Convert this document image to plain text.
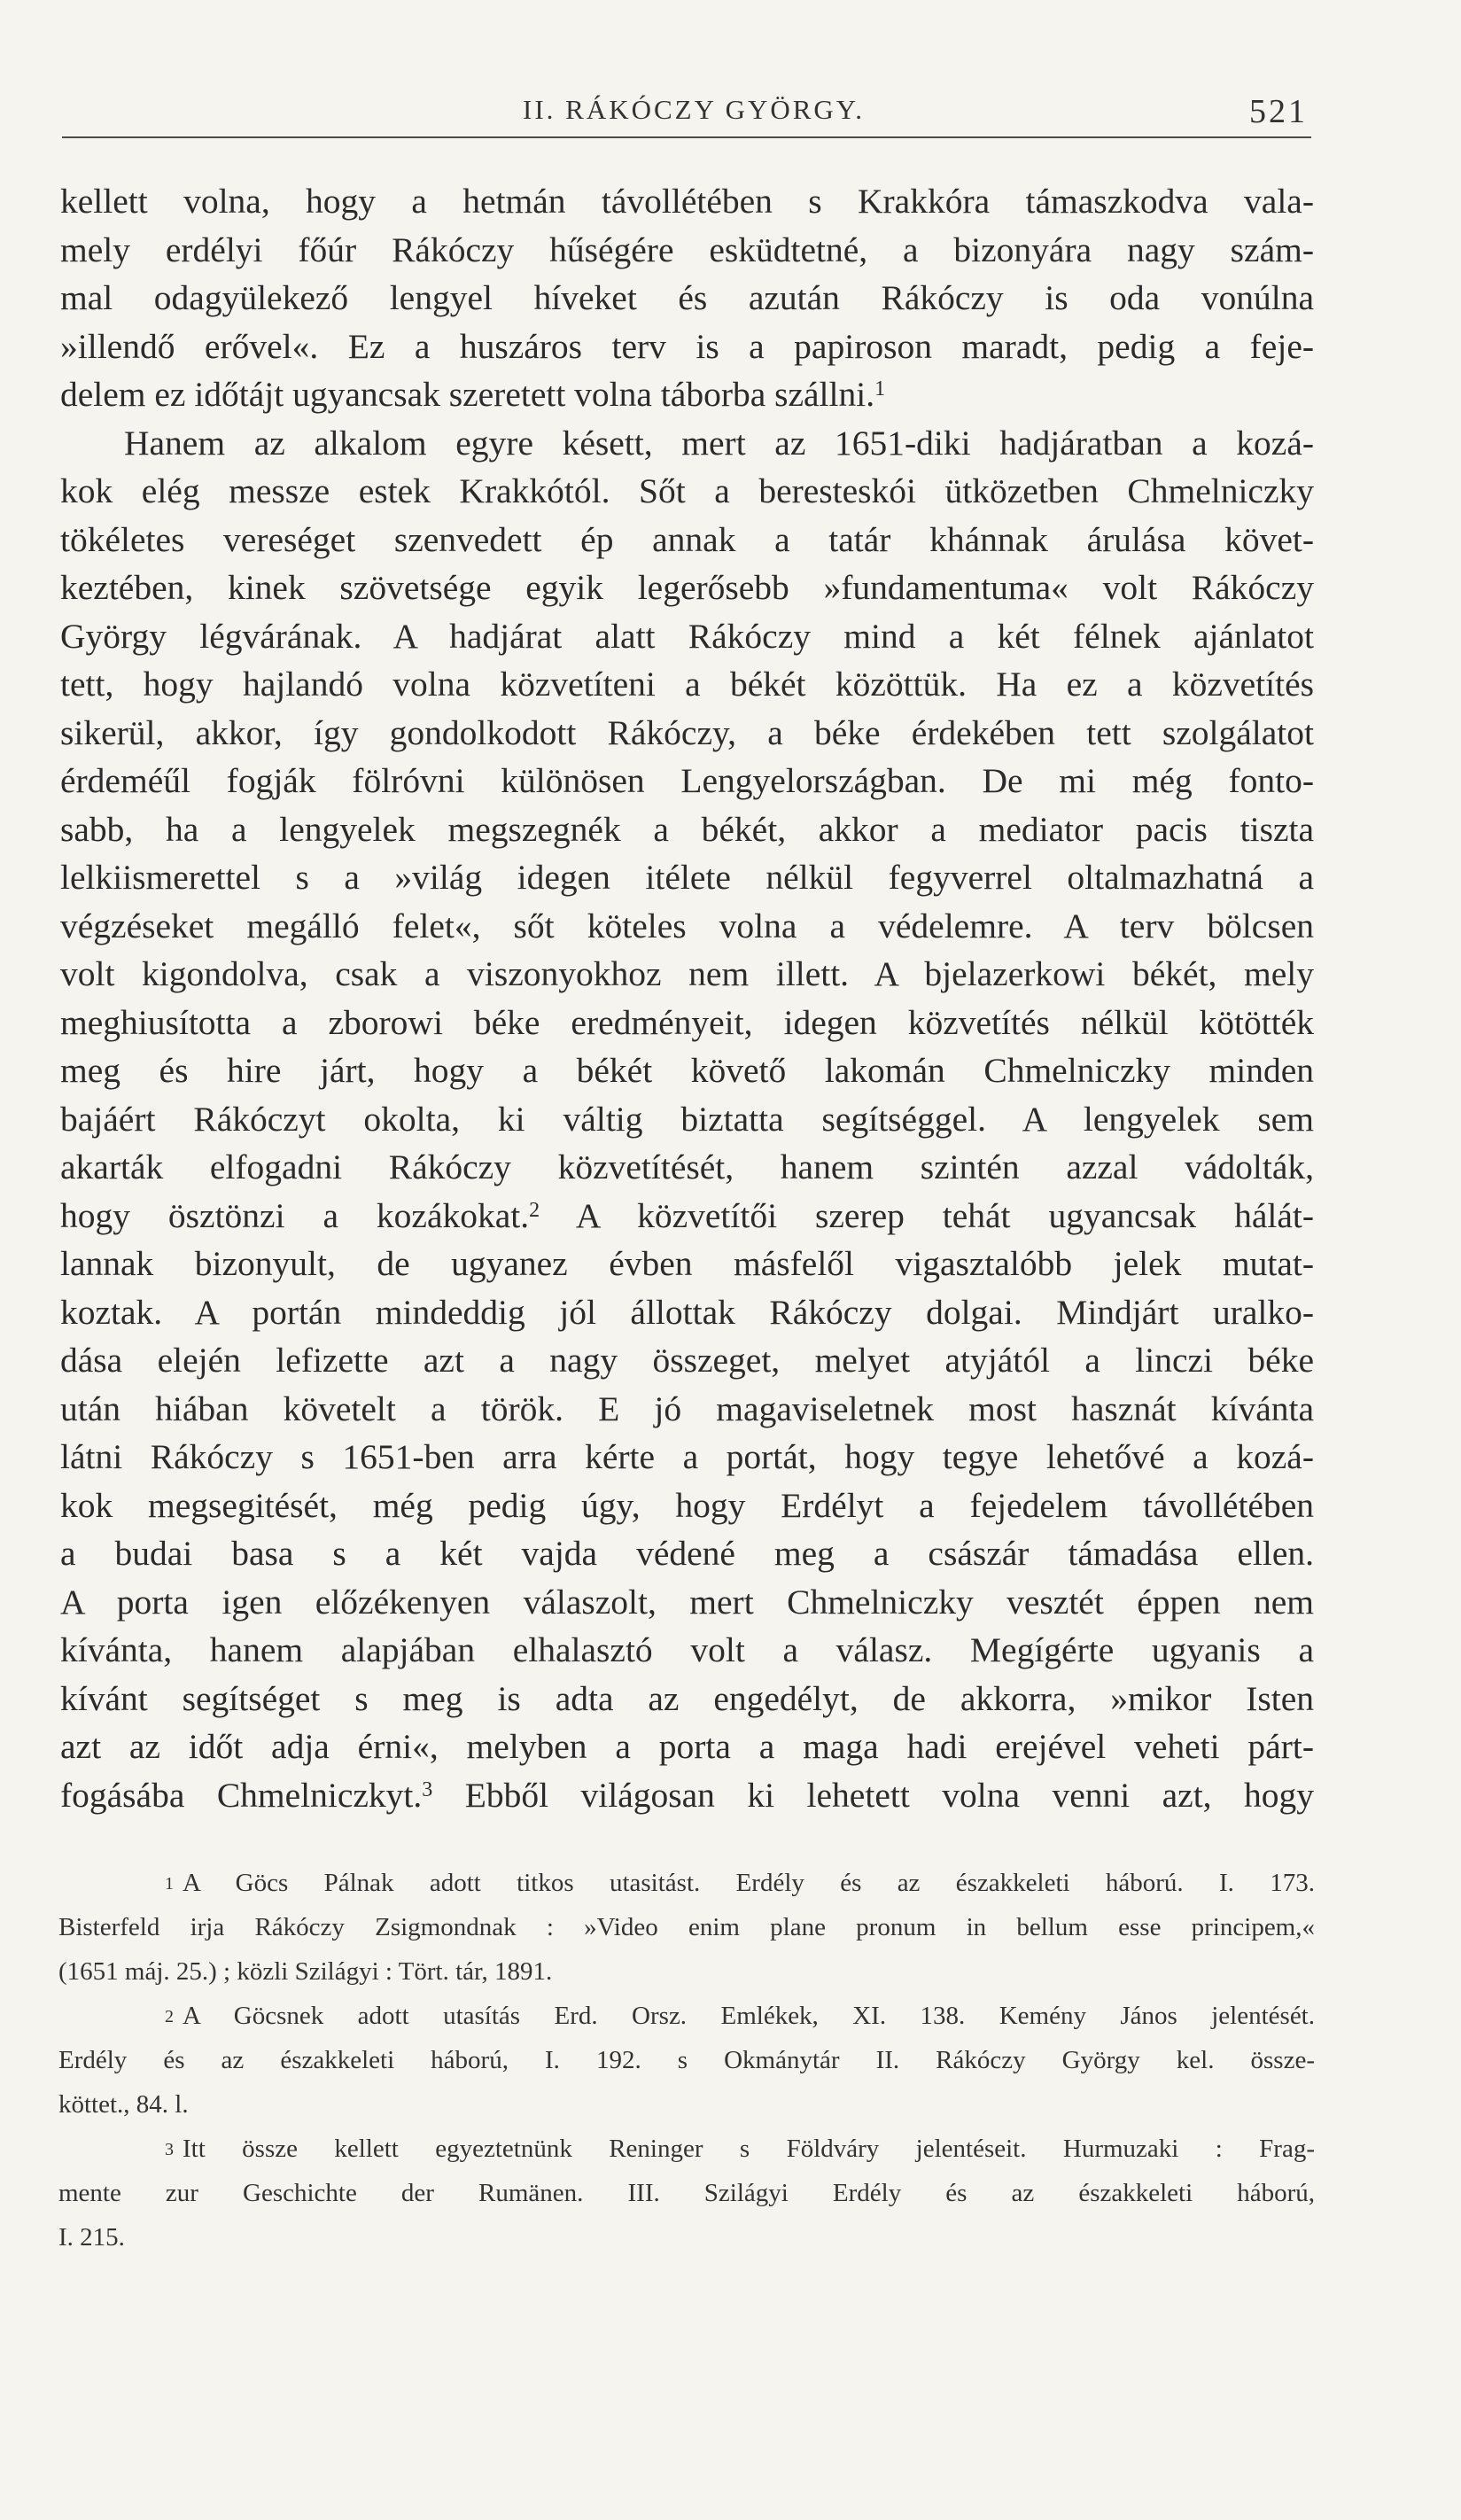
II. RÁKÓCZY GYÖRGY.	521
kellett volna, hogy a hetmán távollétében s Krakkóra támaszkodva vala-
mely erdélyi főúr Rákóczy hűségére esküdtetné, a bizonyára nagy szám-
mal odagyülekező lengyel híveket és azután Rákóczy is oda vonúlna
»illendő erővel«. Ez a huszáros terv is a papiroson maradt, pedig a feje-
delem ez időtájt ugyancsak szeretett volna táborba szállni.$^1$
Hanem az alkalom egyre késett, mert az 1651-diki hadjáratban a kozá-
kok elég messze estek Krakkótól. Sőt a beresteskói ütközetben Chmelniczky
tökéletes vereséget szenvedett ép annak a tatár khánnak árulása követ-
keztében, kinek szövetsége egyik legerősebb »fundamentuma« volt Rákóczy
György légvárának. A hadjárat alatt Rákóczy mind a két félnek ajánlatot
tett, hogy hajlandó volna közvetíteni a békét közöttük. Ha ez a közvetítés
sikerül, akkor, így gondolkodott Rákóczy, a béke érdekében tett szolgálatot
érdeméűl fogják fölróvni különösen Lengyelországban. De mi még fonto-
sabb, ha a lengyelek megszegnék a békét, akkor a mediator pacis tiszta
lelkiismerettel s a »világ idegen itélete nélkül fegyverrel oltalmazhatná a
végzéseket megálló felet«, sőt köteles volna a védelemre. A terv bölcsen
volt kigondolva, csak a viszonyokhoz nem illett. A bjelazerkowi békét, mely
meghiusította a zborowi béke eredményeit, idegen közvetítés nélkül kötötték
meg és hire járt, hogy a békét követő lakomán Chmelniczky minden
bajáért Rákóczyt okolta, ki váltig biztatta segítséggel. A lengyelek sem
akarták elfogadni Rákóczy közvetítését, hanem szintén azzal vádolták,
hogy ösztönzi a kozákokat.$^2$ A közvetítői szerep tehát ugyancsak hálát-
lannak bizonyult, de ugyanez évben másfelől vigasztalóbb jelek mutat-
koztak. A portán mindeddig jól állottak Rákóczy dolgai. Mindjárt uralko-
dása elején lefizette azt a nagy összeget, melyet atyjától a linczi béke
után hiában követelt a török. E jó magaviseletnek most hasznát kívánta
látni Rákóczy s 1651-ben arra kérte a portát, hogy tegye lehetővé a kozá-
kok megsegitését, még pedig úgy, hogy Erdélyt a fejedelem távollétében
a budai basa s a két vajda védené meg a császár támadása ellen.
A porta igen előzékenyen válaszolt, mert Chmelniczky vesztét éppen nem
kívánta, hanem alapjában elhalasztó volt a válasz. Megígérte ugyanis a
kívánt segítséget s meg is adta az engedélyt, de akkorra, »mikor Isten
azt az időt adja érni«, melyben a porta a maga hadi erejével veheti párt-
fogásába Chmelniczkyt.$^3$ Ebből világosan ki lehetett volna venni azt, hogy
1 A Göcs Pálnak adott titkos utasitást. Erdély és az északkeleti háború. I. 173.
Bisterfeld irja Rákóczy Zsigmondnak : »Video enim plane pronum in bellum esse principem,«
(1651 máj. 25.) ; közli Szilágyi : Tört. tár, 1891.
2 A Göcsnek adott utasítás Erd. Orsz. Emlékek, XI. 138. Kemény János jelentését.
Erdély és az északkeleti háború, I. 192. s Okmánytár II. Rákóczy György kel. össze-
köttet., 84. l.
3 Itt össze kellett egyeztetnünk Reninger s Földváry jelentéseit. Hurmuzaki : Frag-
mente zur Geschichte der Rumänen. III. Szilágyi Erdély és az északkeleti háború,
I. 215.
